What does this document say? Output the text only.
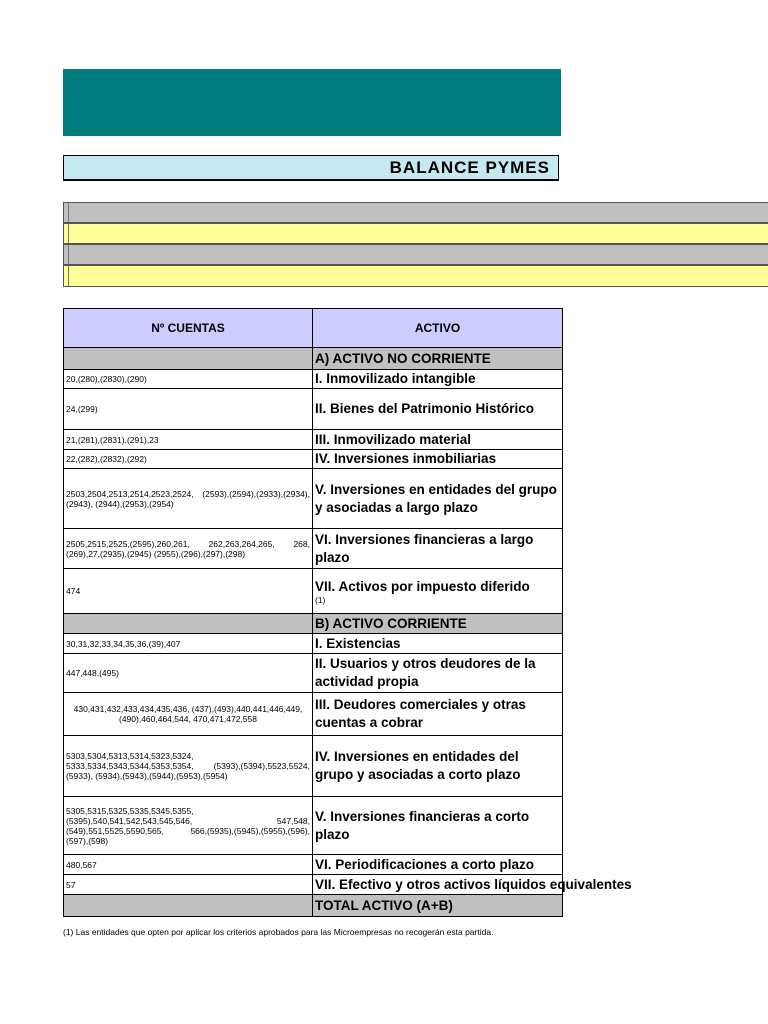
BALANCE PYMES
Nº CUENTAS	ACTIVO
	A) ACTIVO NO CORRIENTE
20,(280),(2830),(290)	I. Inmovilizado intangible
24,(299)	II. Bienes del Patrimonio Histórico
21,(281),(2831),(291),23	III. Inmovilizado material
22,(282),(2832),(292)	IV. Inversiones inmobiliarias
2503,2504,2513,2514,2523,2524, (2593),(2594),(2933),(2934),(2943), (2944),(2953),(2954)	V. Inversiones en entidades del grupo y asociadas a largo plazo
2505,2515,2525,(2595),260,261, 262,263,264,265, 268,(269),27,(2935),(2945) (2955),(296),(297),(298)	VI. Inversiones financieras a largo plazo
474	VII. Activos por impuesto diferido
(1)

	B) ACTIVO CORRIENTE
30,31,32,33,34,35,36,(39),407	I. Existencias
447,448,(495)	II. Usuarios y otros deudores de la actividad propia
430,431,432,433,434,435,436, (437),(493),440,441,446,449,(490),460,464,544, 470,471,472,558	III. Deudores comerciales y otras cuentas a cobrar
5303,5304,5313,5314,5323,5324, 5333,5334,5343,5344,5353,5354, (5393),(5394),5523,5524,(5933), (5934),(5943),(5944),(5953),(5954)	IV. Inversiones en entidades del grupo y asociadas a corto plazo
5305,5315,5325,5335,5345,5355, (5395),540,541,542,543,545,546, 547,548,(549),551,5525,5590,565, 566,(5935),(5945),(5955),(596), (597),(598)	V. Inversiones financieras a corto plazo
480,567	VI. Periodificaciones a corto plazo
57	VII. Efectivo y otros activos líquidos equivalentes
	TOTAL ACTIVO (A+B)
(1) Las entidades que opten por aplicar los criterios aprobados para las Microempresas no recogerán esta partida.
